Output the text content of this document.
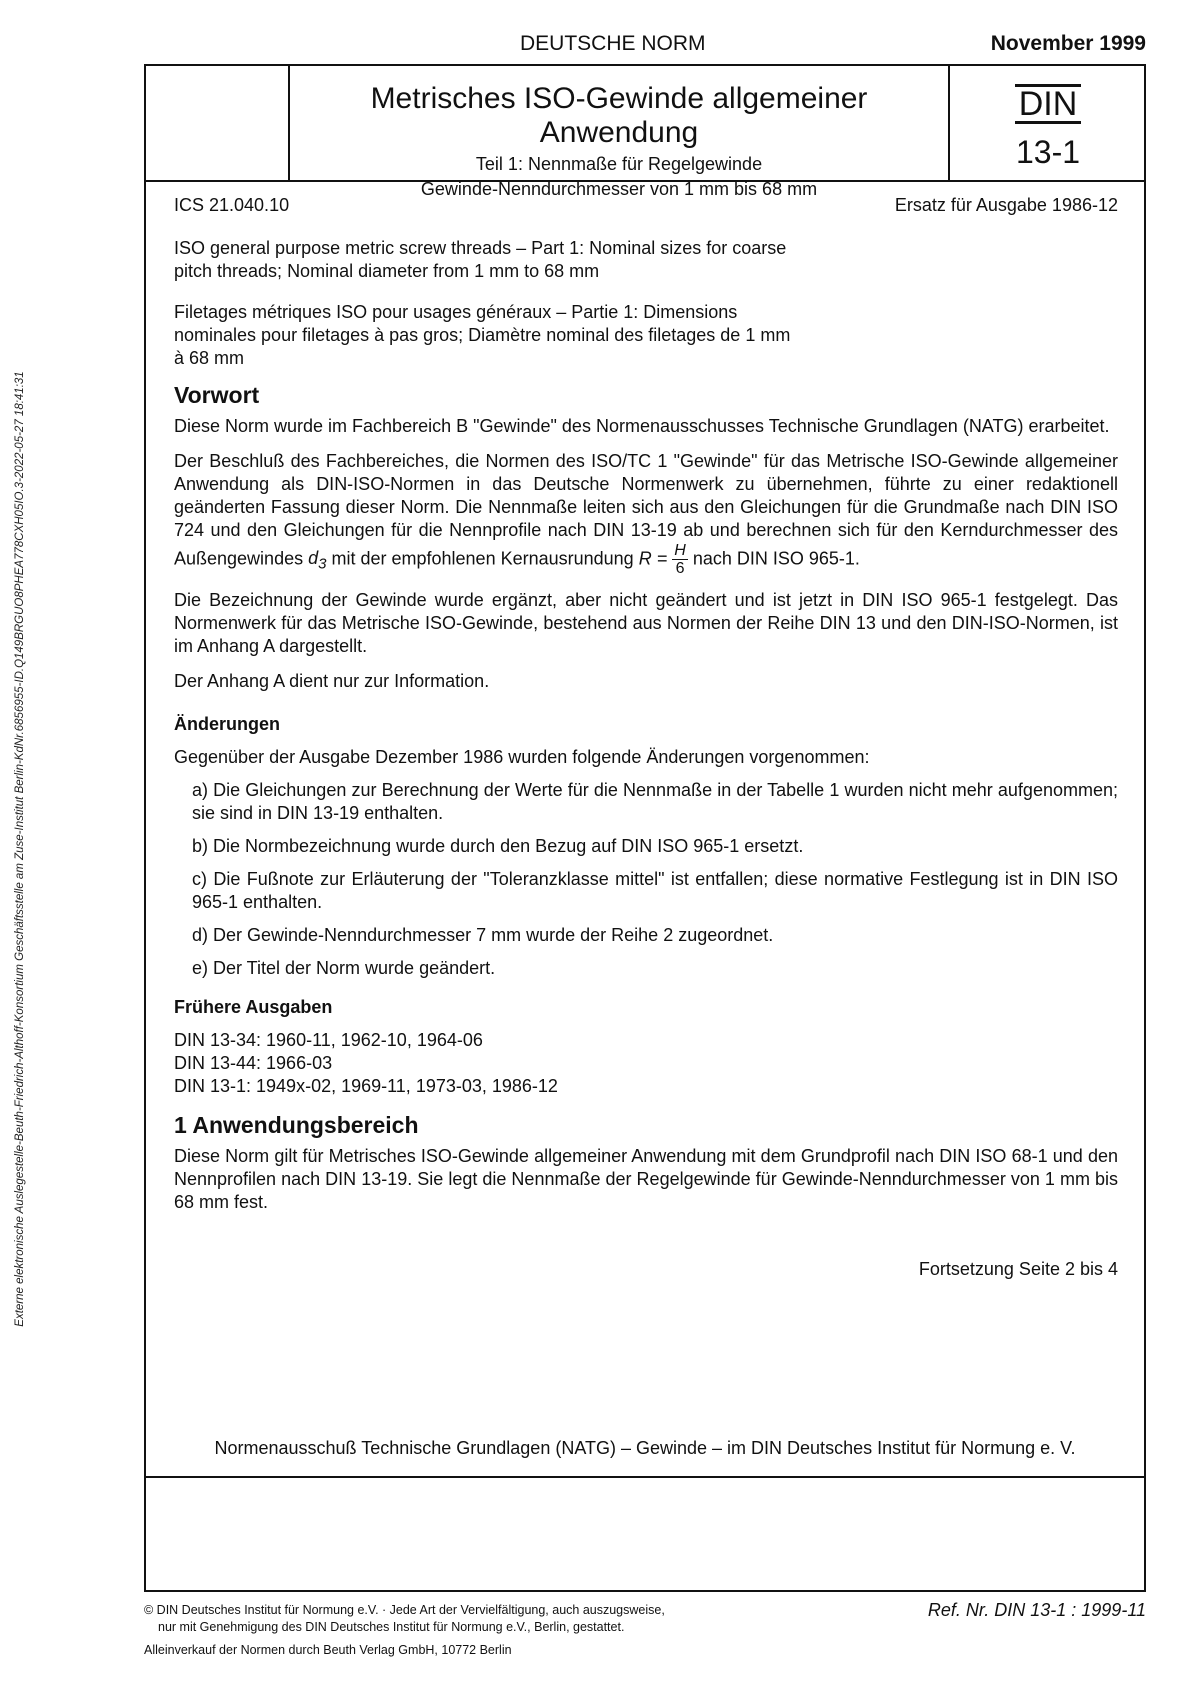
DEUTSCHE NORM	November 1999
Metrisches ISO-Gewinde allgemeiner Anwendung
Teil 1: Nennmaße für Regelgewinde
Gewinde-Nenndurchmesser von 1 mm bis 68 mm
DIN
13-1
ICS 21.040.10	Ersatz für Ausgabe 1986-12

ISO general purpose metric screw threads – Part 1: Nominal sizes for coarse pitch threads; Nominal diameter from 1 mm to 68 mm

Filetages métriques ISO pour usages généraux – Partie 1: Dimensions nominales pour filetages à pas gros; Diamètre nominal des filetages de 1 mm à 68 mm

Vorwort

Diese Norm wurde im Fachbereich B "Gewinde" des Normenausschusses Technische Grundlagen (NATG) erarbeitet.

Der Beschluß des Fachbereiches, die Normen des ISO/TC 1 "Gewinde" für das Metrische ISO-Gewinde allgemeiner Anwendung als DIN-ISO-Normen in das Deutsche Normenwerk zu übernehmen, führte zu einer redaktionell geänderten Fassung dieser Norm. Die Nennmaße leiten sich aus den Gleichungen für die Grundmaße nach DIN ISO 724 und den Gleichungen für die Nennprofile nach DIN 13-19 ab und berechnen sich für den Kerndurchmesser des Außengewindes $d_3$ mit der empfohlenen Kernausrundung $R = \frac{H}{6}$ nach DIN ISO 965-1.

Die Bezeichnung der Gewinde wurde ergänzt, aber nicht geändert und ist jetzt in DIN ISO 965-1 festgelegt. Das Normenwerk für das Metrische ISO-Gewinde, bestehend aus Normen der Reihe DIN 13 und den DIN-ISO-Normen, ist im Anhang A dargestellt.

Der Anhang A dient nur zur Information.

Änderungen

Gegenüber der Ausgabe Dezember 1986 wurden folgende Änderungen vorgenommen:

a) Die Gleichungen zur Berechnung der Werte für die Nennmaße in der Tabelle 1 wurden nicht mehr aufgenommen; sie sind in DIN 13-19 enthalten.
b) Die Normbezeichnung wurde durch den Bezug auf DIN ISO 965-1 ersetzt.
c) Die Fußnote zur Erläuterung der "Toleranzklasse mittel" ist entfallen; diese normative Festlegung ist in DIN ISO 965-1 enthalten.
d) Der Gewinde-Nenndurchmesser 7 mm wurde der Reihe 2 zugeordnet.
e) Der Titel der Norm wurde geändert.
Frühere Ausgaben
DIN 13-34: 1960-11, 1962-10, 1964-06
DIN 13-44: 1966-03
DIN 13-1: 1949x-02, 1969-11, 1973-03, 1986-12
1 Anwendungsbereich

Diese Norm gilt für Metrisches ISO-Gewinde allgemeiner Anwendung mit dem Grundprofil nach DIN ISO 68-1 und den Nennprofilen nach DIN 13-19. Sie legt die Nennmaße der Regelgewinde für Gewinde-Nenndurchmesser von 1 mm bis 68 mm fest.

Fortsetzung Seite 2 bis 4
Normenausschuß Technische Grundlagen (NATG) – Gewinde – im DIN Deutsches Institut für Normung e. V.
© DIN Deutsches Institut für Normung e.V. · Jede Art der Vervielfältigung, auch auszugsweise,
nur mit Genehmigung des DIN Deutsches Institut für Normung e.V., Berlin, gestattet.
Alleinverkauf der Normen durch Beuth Verlag GmbH, 10772 Berlin
Ref. Nr. DIN 13-1 : 1999-11
Externe elektronische Auslegestelle-Beuth-Friedrich-Althoff-Konsortium Geschäftsstelle am Zuse-Institut Berlin-KdNr.6856955-ID.Q149BRGUO8PHEA778CXH05IO.3-2022-05-27 18:41:31
